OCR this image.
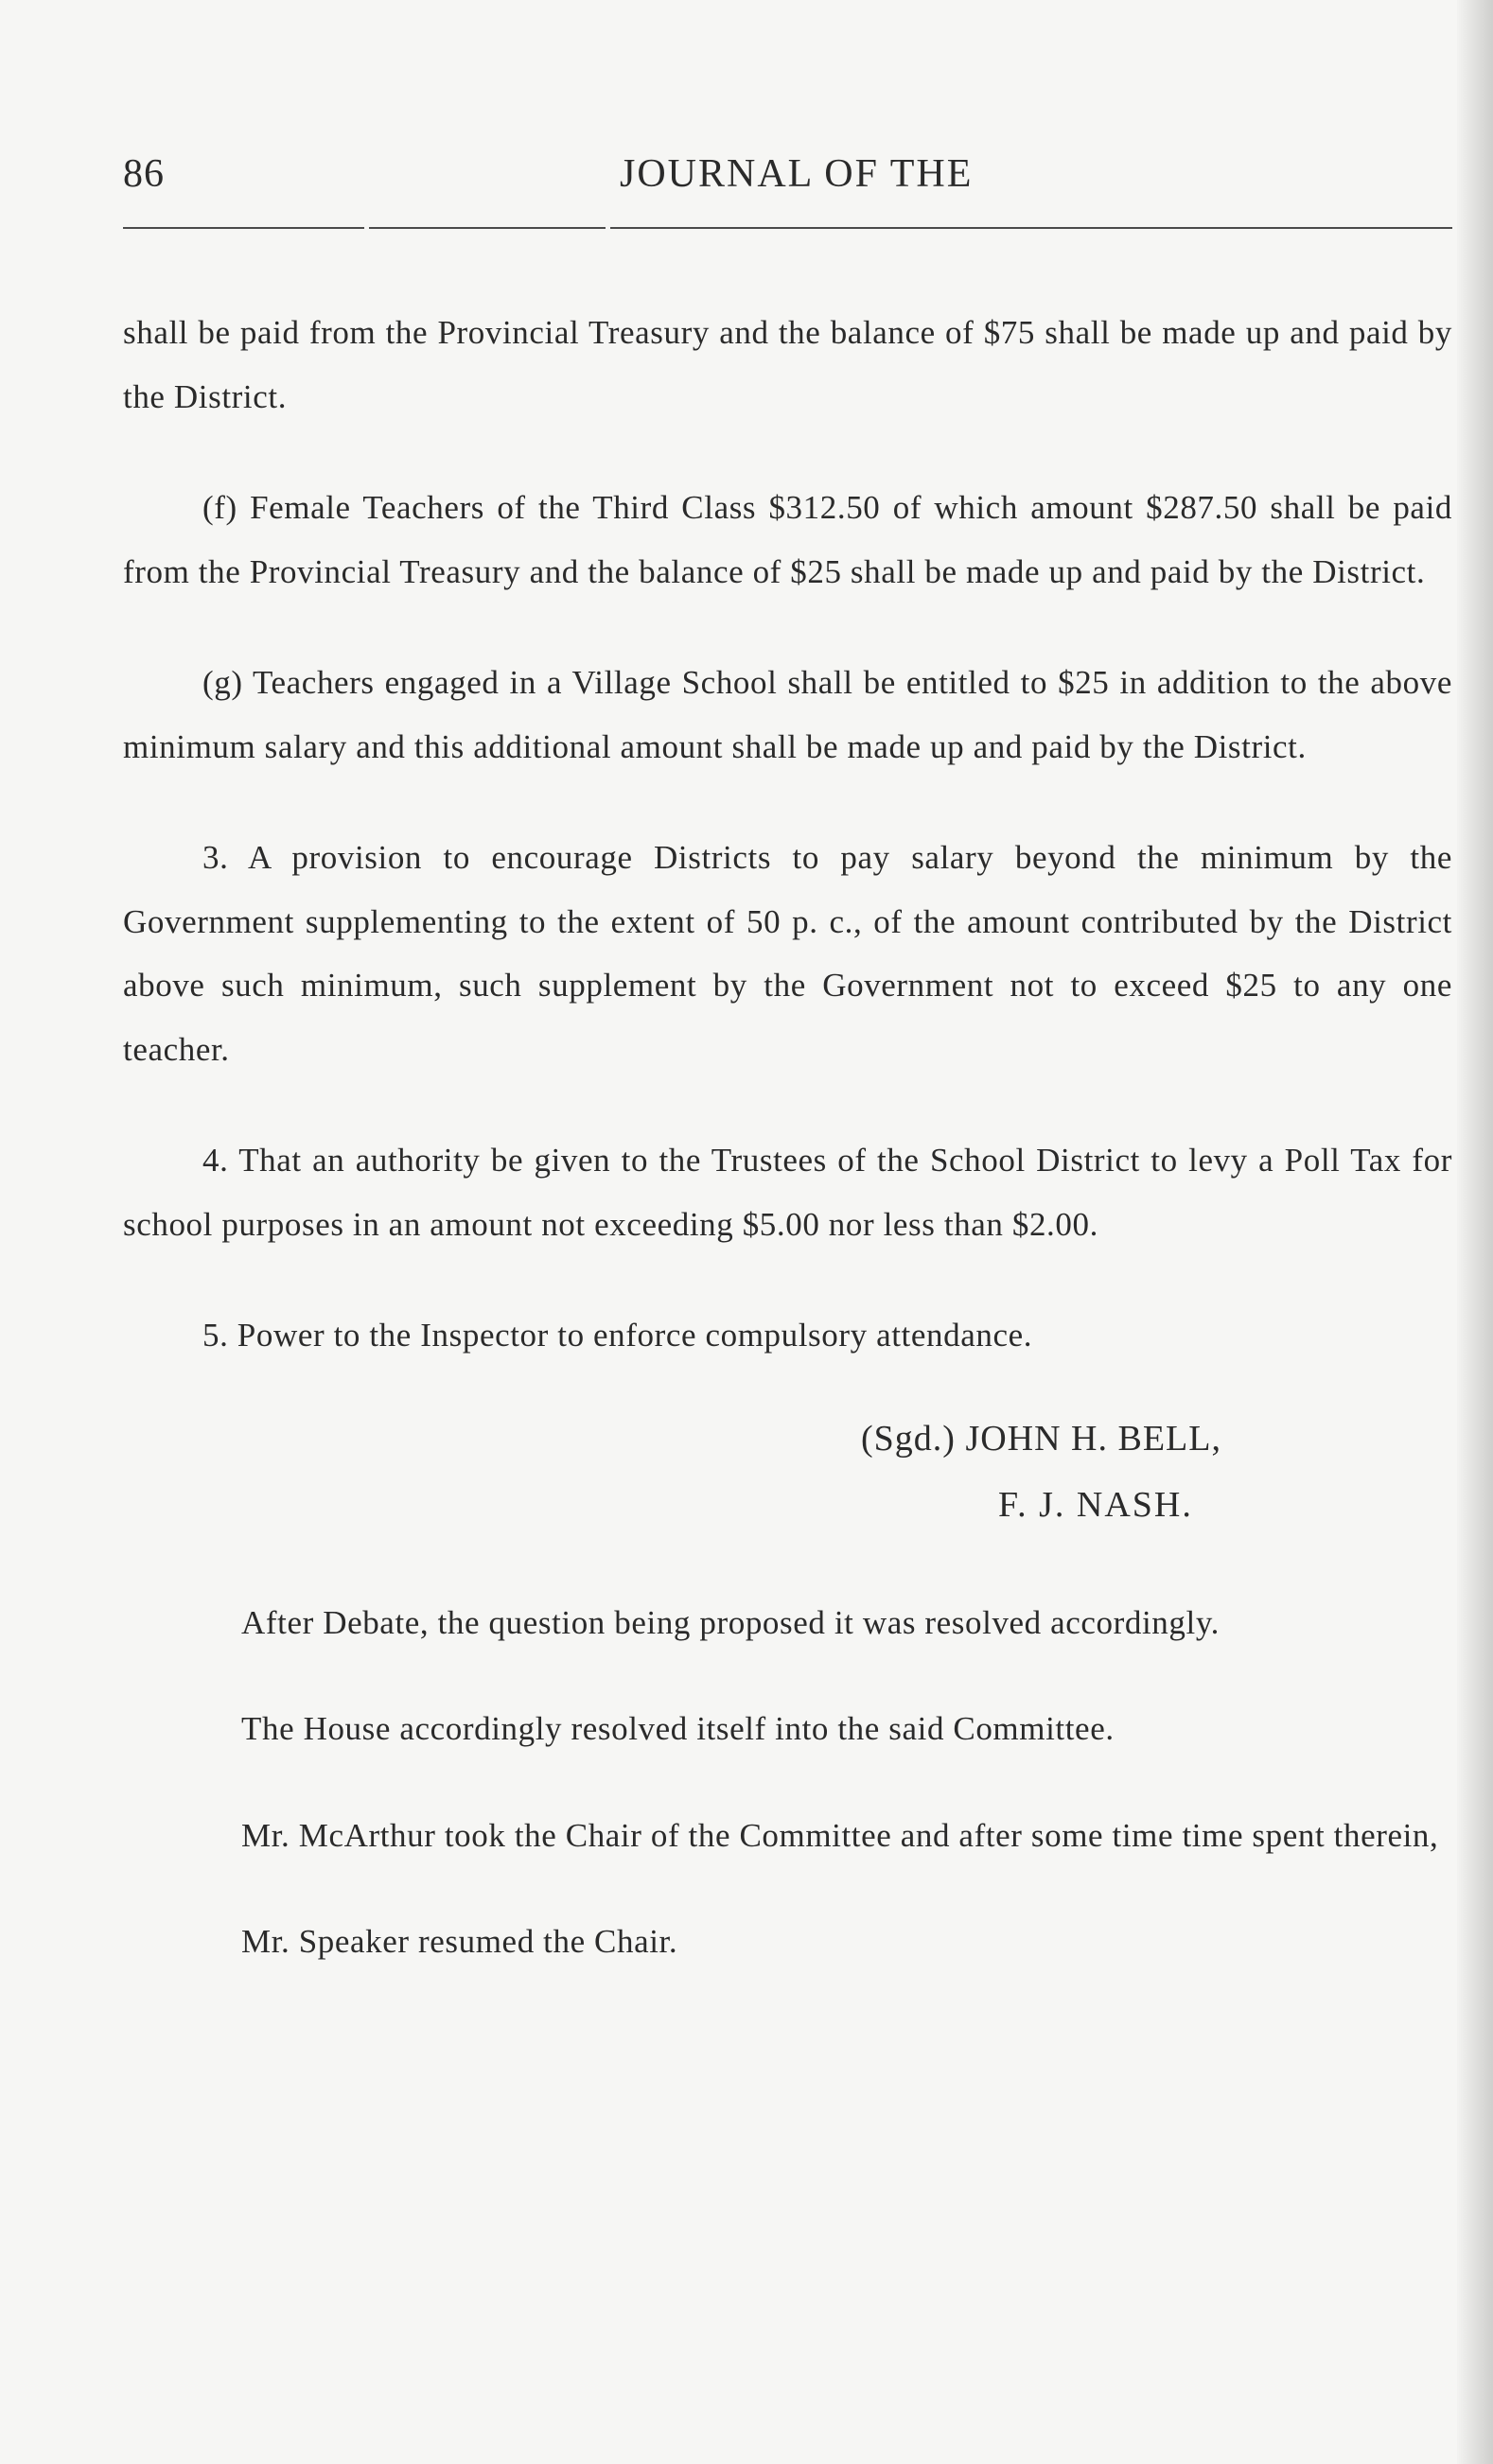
86	JOURNAL OF THE

shall be paid from the Provincial Treasury and the balance of $75 shall be made up and paid by the District.

(f) Female Teachers of the Third Class $312.50 of which amount $287.50 shall be paid from the Provincial Treasury and the balance of $25 shall be made up and paid by the District.

(g) Teachers engaged in a Village School shall be entitled to $25 in addition to the above minimum salary and this additional amount shall be made up and paid by the District.

3. A provision to encourage Districts to pay salary beyond the minimum by the Government supplementing to the extent of 50 p. c., of the amount contributed by the District above such minimum, such supplement by the Government not to exceed $25 to any one teacher.

4. That an authority be given to the Trustees of the School District to levy a Poll Tax for school purposes in an amount not exceeding $5.00 nor less than $2.00.

5. Power to the Inspector to enforce compulsory attendance.

(Sgd.) JOHN H. BELL,
F. J. NASH.

After Debate, the question being proposed it was resolved accordingly.

The House accordingly resolved itself into the said Committee.

Mr. McArthur took the Chair of the Committee and after some time time spent therein,

Mr. Speaker resumed the Chair.
